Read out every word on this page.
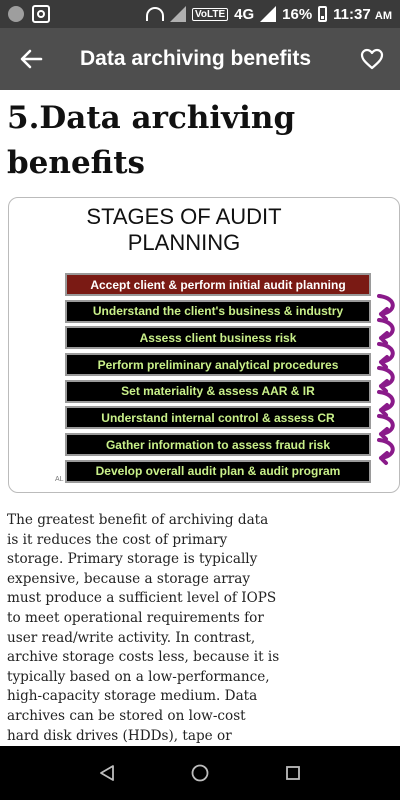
VoLTE 4G 16% 11:37 AM
Data archiving benefits
5.Data archiving benefits
STAGES OF AUDIT
PLANNING
Accept client & perform initial audit planning
Understand the client's business & industry
Assess client business risk
Perform preliminary analytical procedures
Set materiality & assess AAR & IR
Understand internal control & assess CR
Gather information to assess fraud risk
Develop overall audit plan & audit program
AL

The greatest benefit of archiving data is it reduces the cost of primary storage. Primary storage is typically expensive, because a storage array must produce a sufficient level of IOPS to meet operational requirements for user read/write activity. In contrast, archive storage costs less, because it is typically based on a low-performance, high-capacity storage medium. Data archives can be stored on low-cost hard disk drives (HDDs), tape or
